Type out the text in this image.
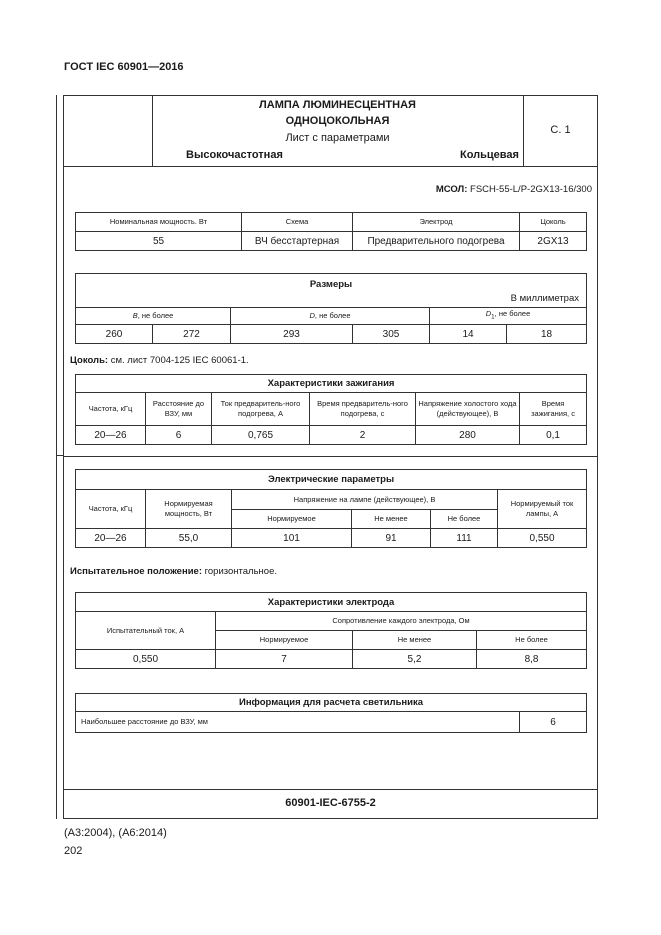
ГОСТ IEC 60901—2016
ЛАМПА ЛЮМИНЕСЦЕНТНАЯ
ОДНОЦОКОЛЬНАЯ
Лист с параметрами
Высокочастотная	Кольцевая
С. 1
МСОЛ: FSCH-55-L/P-2GX13-16/300
Номинальная мощность. Вт	Схема	Электрод	Цоколь
55	ВЧ бесстартерная	Предварительного подогрева	2GX13
Размеры
В миллиметрах					

B, не более		D, не более		$D_1$, не более	
260	272	293	305	14	18
Цоколь: см. лист 7004-125 IEC 60061-1.
Характеристики зажигания					
Частота, кГц	Расстояние до ВЗУ, мм	Ток предваритель-ного подогрева, А	Время предваритель-ного подогрева, с	Напряжение холостого хода (действующее), В	Время зажигания, с
20—26	6	0,765	2	280	0,1
Электрические параметры					
Частота, кГц	Нормируемая мощность, Вт	Напряжение на лампе (действующее), В			Нормируемый ток лампы, А
		Нормируемое	Не менее	Не более	
20—26	55,0	101	91	111	0,550
Испытательное положение: горизонтальное.
Характеристики электрода			
Испытательный ток, А	Сопротивление каждого электрода, Ом		
	Нормируемое	Не менее	Не более
0,550	7	5,2	8,8
Информация для расчета светильника
Наибольшее расстояние до ВЗУ, мм	6
60901-IEC-6755-2
(А3:2004), (А6:2014)
202
